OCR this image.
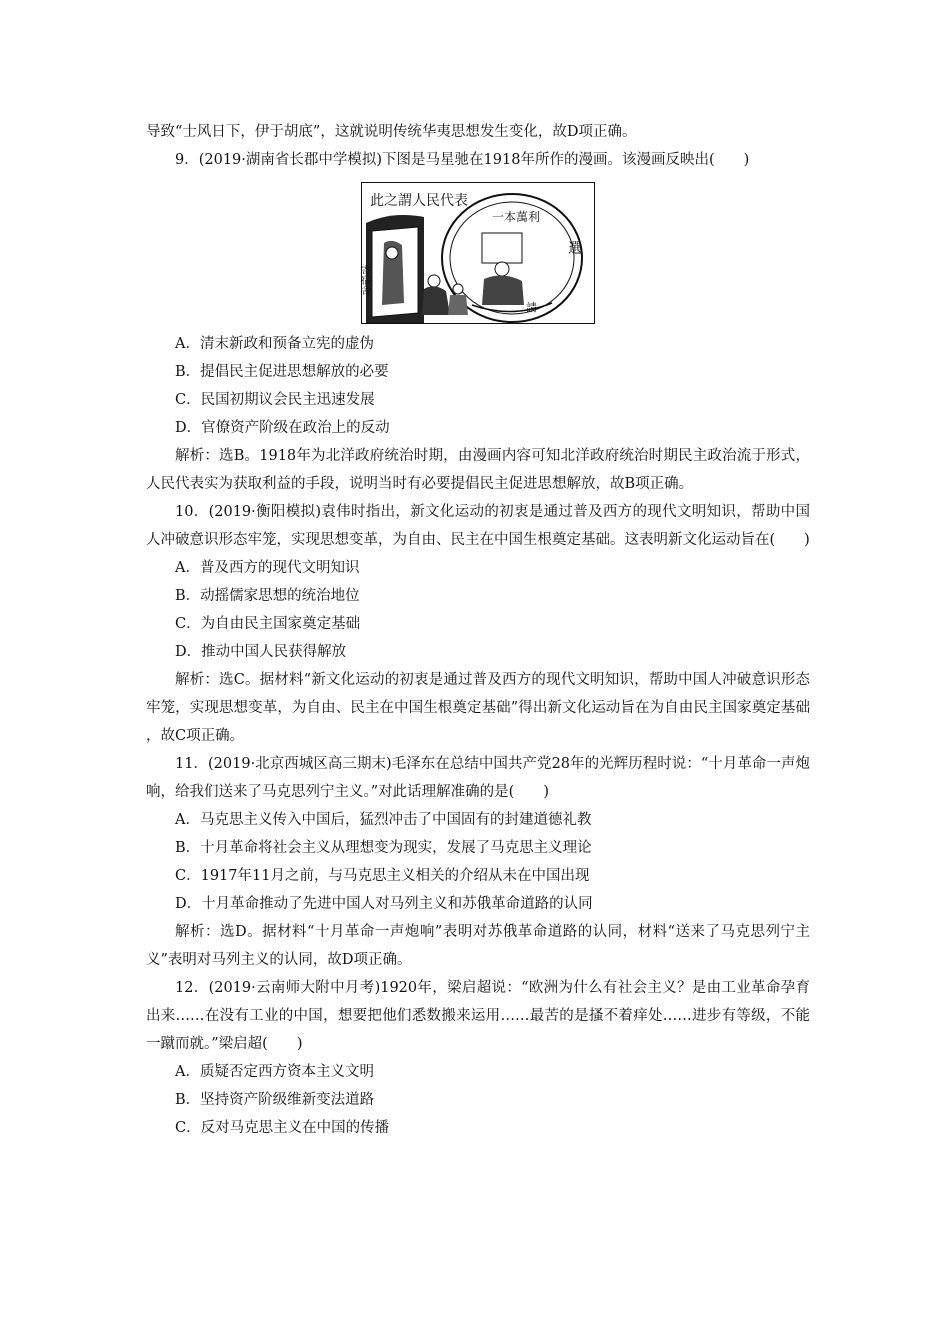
导致“士风日下，伊于胡底”，这就说明传统华夷思想发生变化，故D项正确。

9．(2019·湖南省长郡中学模拟)下图是马星驰在1918年所作的漫画。该漫画反映出(　　)

此之謂人民代表
一本萬利
寄宿舍
選
請

A．清末新政和预备立宪的虚伪

B．提倡民主促进思想解放的必要

C．民国初期议会民主迅速发展

D．官僚资产阶级在政治上的反动

解析：选B。1918年为北洋政府统治时期，由漫画内容可知北洋政府统治时期民主政治流于形式，人民代表实为获取利益的手段，说明当时有必要提倡民主促进思想解放，故B项正确。

10．(2019·衡阳模拟)袁伟时指出，新文化运动的初衷是通过普及西方的现代文明知识，帮助中国人冲破意识形态牢笼，实现思想变革，为自由、民主在中国生根奠定基础。这表明新文化运动旨在(　　)

A．普及西方的现代文明知识

B．动摇儒家思想的统治地位

C．为自由民主国家奠定基础

D．推动中国人民获得解放

解析：选C。据材料“新文化运动的初衷是通过普及西方的现代文明知识，帮助中国人冲破意识形态牢笼，实现思想变革，为自由、民主在中国生根奠定基础”得出新文化运动旨在为自由民主国家奠定基础 ，故C项正确。

11．(2019·北京西城区高三期末)毛泽东在总结中国共产党28年的光辉历程时说：“十月革命一声炮响，给我们送来了马克思列宁主义。”对此话理解准确的是(　　)

A．马克思主义传入中国后，猛烈冲击了中国固有的封建道德礼教

B．十月革命将社会主义从理想变为现实，发展了马克思主义理论

C．1917年11月之前，与马克思主义相关的介绍从未在中国出现

D．十月革命推动了先进中国人对马列主义和苏俄革命道路的认同

解析：选D。据材料“十月革命一声炮响”表明对苏俄革命道路的认同，材料“送来了马克思列宁主义”表明对马列主义的认同，故D项正确。

12．(2019·云南师大附中月考)1920年，梁启超说：“欧洲为什么有社会主义？是由工业革命孕育出来……在没有工业的中国，想要把他们悉数搬来运用……最苦的是搔不着痒处……进步有等级，不能一蹴而就。”梁启超(　　)

A．质疑否定西方资本主义文明

B．坚持资产阶级维新变法道路

C．反对马克思主义在中国的传播
